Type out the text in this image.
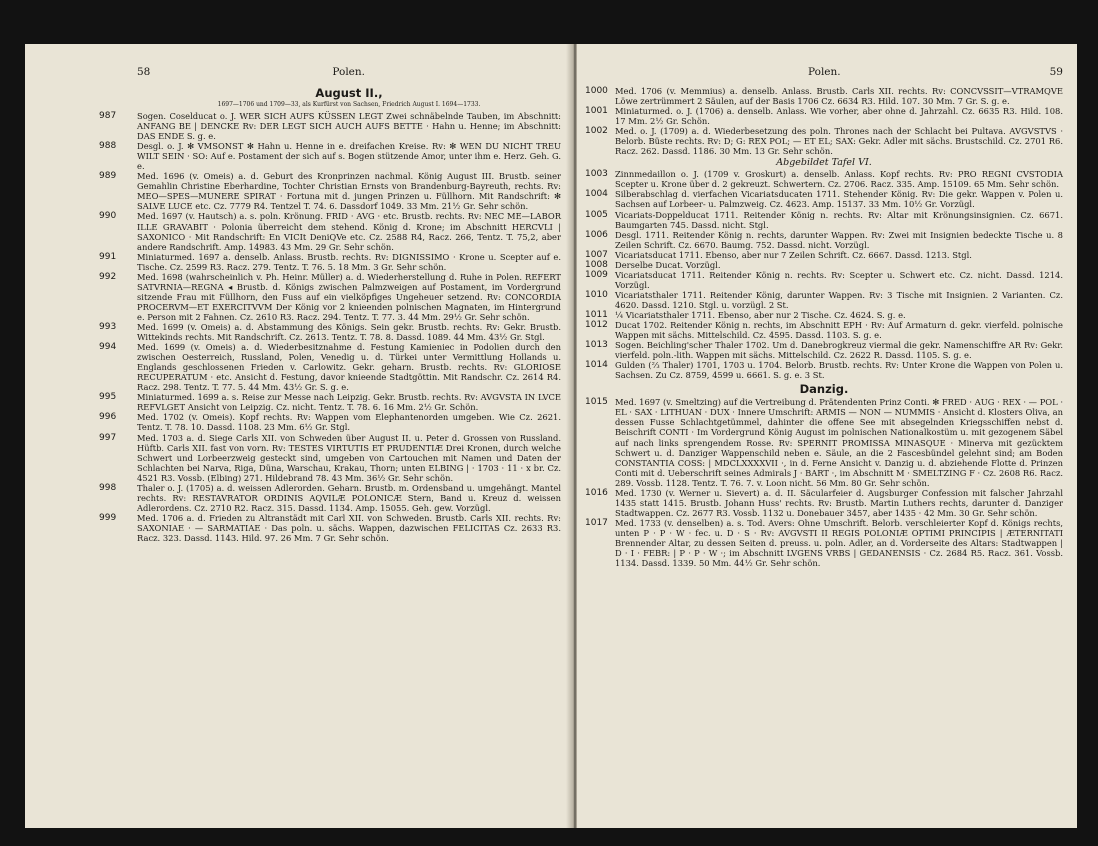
58	Polen.
August II.,
1697—1706 und 1709—33, als Kurfürst von Sachsen, Friedrich August I. 1694—1733.
987	Sogen. Coselducat o. J. WER SICH AUFS KÜSSEN LEGT Zwei schnäbelnde Tauben, im Abschnitt: ANFANG BE | DENCKE Rv: DER LEGT SICH AUCH AUFS BETTE · Hahn u. Henne; im Abschnitt: DAS ENDE S. g. e.
988	Desgl. o. J. ✻ VMSONST ✻ Hahn u. Henne in e. dreifachen Kreise. Rv: ✻ WEN DU NICHT TREU WILT SEIN · SO: Auf e. Postament der sich auf s. Bogen stützende Amor, unter ihm e. Herz. Geh. G. e.
989	Med. 1696 (v. Omeis) a. d. Geburt des Kronprinzen nachmal. König August III. Brustb. seiner Gemahlin Christine Eberhardine, Tochter Christian Ernsts von Brandenburg-Bayreuth, rechts. Rv: MEO—SPES—MUNERE SPIRAT · Fortuna mit d. jungen Prinzen u. Füllhorn. Mit Randschrift: ✻ SALVE LUCE etc. Cz. 7779 R4. Tentzel T. 74. 6. Dassdorf 1049. 33 Mm. 21½ Gr. Sehr schön.
990	Med. 1697 (v. Hautsch) a. s. poln. Krönung. FRID · AVG · etc. Brustb. rechts. Rv: NEC ME—LABOR ILLE GRAVABIT · Polonia überreicht dem stehend. König d. Krone; im Abschnitt HERCVLI | SAXONICO · Mit Randschrift: En VICIt DeniQVe etc. Cz. 2588 R4, Racz. 266, Tentz. T. 75,2, aber andere Randschrift. Amp. 14983. 43 Mm. 29 Gr. Sehr schön.
991	Miniaturmed. 1697 a. denselb. Anlass. Brustb. rechts. Rv: DIGNISSIMO · Krone u. Scepter auf e. Tische. Cz. 2599 R3. Racz. 279. Tentz. T. 76. 5. 18 Mm. 3 Gr. Sehr schön.
992	Med. 1698 (wahrscheinlich v. Ph. Heinr. Müller) a. d. Wiederherstellung d. Ruhe in Polen. REFERT SATVRNIA—REGNA ◂ Brustb. d. Königs zwischen Palmzweigen auf Postament, im Vordergrund sitzende Frau mit Füllhorn, den Fuss auf ein vielköpfiges Ungeheuer setzend. Rv: CONCORDIA PROCERVM—ET EXERCITVVM Der König vor 2 knieenden polnischen Magnaten, im Hintergrund e. Person mit 2 Fahnen. Cz. 2610 R3. Racz. 294. Tentz. T. 77. 3. 44 Mm. 29½ Gr. Sehr schön.
993	Med. 1699 (v. Omeis) a. d. Abstammung des Königs. Sein gekr. Brustb. rechts. Rv: Gekr. Brustb. Wittekinds rechts. Mit Randschrift. Cz. 2613. Tentz. T. 78. 8. Dassd. 1089. 44 Mm. 43½ Gr. Stgl.
994	Med. 1699 (v. Omeis) a. d. Wiederbesitznahme d. Festung Kamieniec in Podolien durch den zwischen Oesterreich, Russland, Polen, Venedig u. d. Türkei unter Vermittlung Hollands u. Englands geschlossenen Frieden v. Carlowitz. Gekr. geharn. Brustb. rechts. Rv: GLORIOSE RECUPERATUM · etc. Ansicht d. Festung, davor knieende Stadtgöttin. Mit Randschr. Cz. 2614 R4. Racz. 298. Tentz. T. 77. 5. 44 Mm. 43½ Gr. S. g. e.
995	Miniaturmed. 1699 a. s. Reise zur Messe nach Leipzig. Gekr. Brustb. rechts. Rv: AVGVSTA IN LVCE REFVLGET Ansicht von Leipzig. Cz. nicht. Tentz. T. 78. 6. 16 Mm. 2½ Gr. Schön.
996	Med. 1702 (v. Omeis). Kopf rechts. Rv: Wappen vom Elephantenorden umgeben. Wie Cz. 2621. Tentz. T. 78. 10. Dassd. 1108. 23 Mm. 6½ Gr. Stgl.
997	Med. 1703 a. d. Siege Carls XII. von Schweden über August II. u. Peter d. Grossen von Russland. Hüftb. Carls XII. fast von vorn. Rv: TESTES VIRTUTIS ET PRUDENTIÆ Drei Kronen, durch welche Schwert und Lorbeerzweig gesteckt sind, umgeben von Cartouchen mit Namen und Daten der Schlachten bei Narva, Riga, Düna, Warschau, Krakau, Thorn; unten ELBING | · 1703 · 11 · x br. Cz. 4521 R3. Vossb. (Elbing) 271. Hildebrand 78. 43 Mm. 36½ Gr. Sehr schön.
998	Thaler o. J. (1705) a. d. weissen Adlerorden. Geharn. Brustb. m. Ordensband u. umgehängt. Mantel rechts. Rv: RESTAVRATOR ORDINIS AQVILÆ POLONICÆ Stern, Band u. Kreuz d. weissen Adlerordens. Cz. 2710 R2. Racz. 315. Dassd. 1134. Amp. 15055. Geh. gew. Vorzügl.
999	Med. 1706 a. d. Frieden zu Altranstädt mit Carl XII. von Schweden. Brustb. Carls XII. rechts. Rv: SAXONIAE · — SARMATIAE · Das poln. u. sächs. Wappen, dazwischen FELICITAS Cz. 2633 R3. Racz. 323. Dassd. 1143. Hild. 97. 26 Mm. 7 Gr. Sehr schön.
Polen.	59
1000 Med. 1706 (v. Memmius) a. denselb. Anlass. Brustb. Carls XII. rechts. Rv: CONCVSSIT—VTRAMQVE Löwe zertrümmert 2 Säulen, auf der Basis 1706 Cz. 6634 R3. Hild. 107. 30 Mm. 7 Gr. S. g. e.
1001 Miniaturmed. o. J. (1706) a. denselb. Anlass. Wie vorher, aber ohne d. Jahrzahl. Cz. 6635 R3. Hild. 108. 17 Mm. 2½ Gr. Schön.
1002 Med. o. J. (1709) a. d. Wiederbesetzung des poln. Thrones nach der Schlacht bei Pultava. AVGVSTVS · Belorb. Büste rechts. Rv: D; G: REX POL; — ET EL; SAX: Gekr. Adler mit sächs. Brustschild. Cz. 2701 R6. Racz. 262. Dassd. 1186. 30 Mm. 13 Gr. Sehr schön.
Abgebildet Tafel VI.
1003 Zinnmedaillon o. J. (1709 v. Groskurt) a. denselb. Anlass. Kopf rechts. Rv: PRO REGNI CVSTODIA Scepter u. Krone über d. 2 gekreuzt. Schwertern. Cz. 2706. Racz. 335. Amp. 15109. 65 Mm. Sehr schön.
1004 Silberabschlag d. vierfachen Vicariatsducaten 1711. Stehender König. Rv: Die gekr. Wappen v. Polen u. Sachsen auf Lorbeer- u. Palmzweig. Cz. 4623. Amp. 15137. 33 Mm. 10½ Gr. Vorzügl.
1005 Vicariats-Doppelducat 1711. Reitender König n. rechts. Rv: Altar mit Krönungsinsignien. Cz. 6671. Baumgarten 745. Dassd. nicht. Stgl.
1006 Desgl. 1711. Reitender König n. rechts, darunter Wappen. Rv: Zwei mit Insignien bedeckte Tische u. 8 Zeilen Schrift. Cz. 6670. Baumg. 752. Dassd. nicht. Vorzügl.
1007 Vicariatsducat 1711. Ebenso, aber nur 7 Zeilen Schrift. Cz. 6667. Dassd. 1213. Stgl.
1008 Derselbe Ducat. Vorzügl.
1009 Vicariatsducat 1711. Reitender König n. rechts. Rv: Scepter u. Schwert etc. Cz. nicht. Dassd. 1214. Vorzügl.
1010 Vicariatsthaler 1711. Reitender König, darunter Wappen. Rv: 3 Tische mit Insignien. 2 Varianten. Cz. 4620. Dassd. 1210. Stgl. u. vorzügl. 2 St.
1011 ¼ Vicariatsthaler 1711. Ebenso, aber nur 2 Tische. Cz. 4624. S. g. e.
1012 Ducat 1702. Reitender König n. rechts, im Abschnitt EPH · Rv: Auf Armaturn d. gekr. vierfeld. polnische Wappen mit sächs. Mittelschild. Cz. 4595. Dassd. 1103. S. g. e.
1013 Sogen. Beichling'scher Thaler 1702. Um d. Danebrogkreuz viermal die gekr. Namenschiffre AR Rv: Gekr. vierfeld. poln.-lith. Wappen mit sächs. Mittelschild. Cz. 2622 R. Dassd. 1105. S. g. e.
1014 Gulden (⅔ Thaler) 1701, 1703 u. 1704. Belorb. Brustb. rechts. Rv: Unter Krone die Wappen von Polen u. Sachsen. Zu Cz. 8759, 4599 u. 6661. S. g. e. 3 St.
Danzig.
1015 Med. 1697 (v. Smeltzing) auf die Vertreibung d. Prätendenten Prinz Conti. ✻ FRED · AUG · REX · — POL · EL · SAX · LITHUAN · DUX · Innere Umschrift: ARMIS — NON — NUMMIS · Ansicht d. Klosters Oliva, an dessen Fusse Schlachtgetümmel, dahinter die offene See mit absegelnden Kriegsschiffen nebst d. Beischrift CONTI · Im Vordergrund König August im polnischen Nationalkostüm u. mit gezogenem Säbel auf nach links sprengendem Rosse. Rv: SPERNIT PROMISSA MINASQUE · Minerva mit gezücktem Schwert u. d. Danziger Wappenschild neben e. Säule, an die 2 Fascesbündel gelehnt sind; am Boden CONSTANTIA COSS: | MDCLXXXXVII ·, in d. Ferne Ansicht v. Danzig u. d. abziehende Flotte d. Prinzen Conti mit d. Ueberschrift seines Admirals J · BART ·, im Abschnitt M · SMELTZING F · Cz. 2608 R6. Racz. 289. Vossb. 1128. Tentz. T. 76. 7. v. Loon nicht. 56 Mm. 80 Gr. Sehr schön.
1016 Med. 1730 (v. Werner u. Sievert) a. d. II. Säcularfeier d. Augsburger Confession mit falscher Jahrzahl 1435 statt 1415. Brustb. Johann Huss' rechts. Rv: Brustb. Martin Luthers rechts, darunter d. Danziger Stadtwappen. Cz. 2677 R3. Vossb. 1132 u. Donebauer 3457, aber 1435 · 42 Mm. 30 Gr. Sehr schön.
1017 Med. 1733 (v. denselben) a. s. Tod. Avers: Ohne Umschrift. Belorb. verschleierter Kopf d. Königs rechts, unten P · P · W · fec. u. D · S · Rv: AVGVSTI II REGIS POLONIÆ OPTIMI PRINCIPIS | ÆTERNITATI Brennender Altar, zu dessen Seiten d. preuss. u. poln. Adler, an d. Vorderseite des Altars: Stadtwappen | D · I · FEBR: | P · P · W ·; im Abschnitt LVGENS VRBS | GEDANENSIS · Cz. 2684 R5. Racz. 361. Vossb. 1134. Dassd. 1339. 50 Mm. 44½ Gr. Sehr schön.
